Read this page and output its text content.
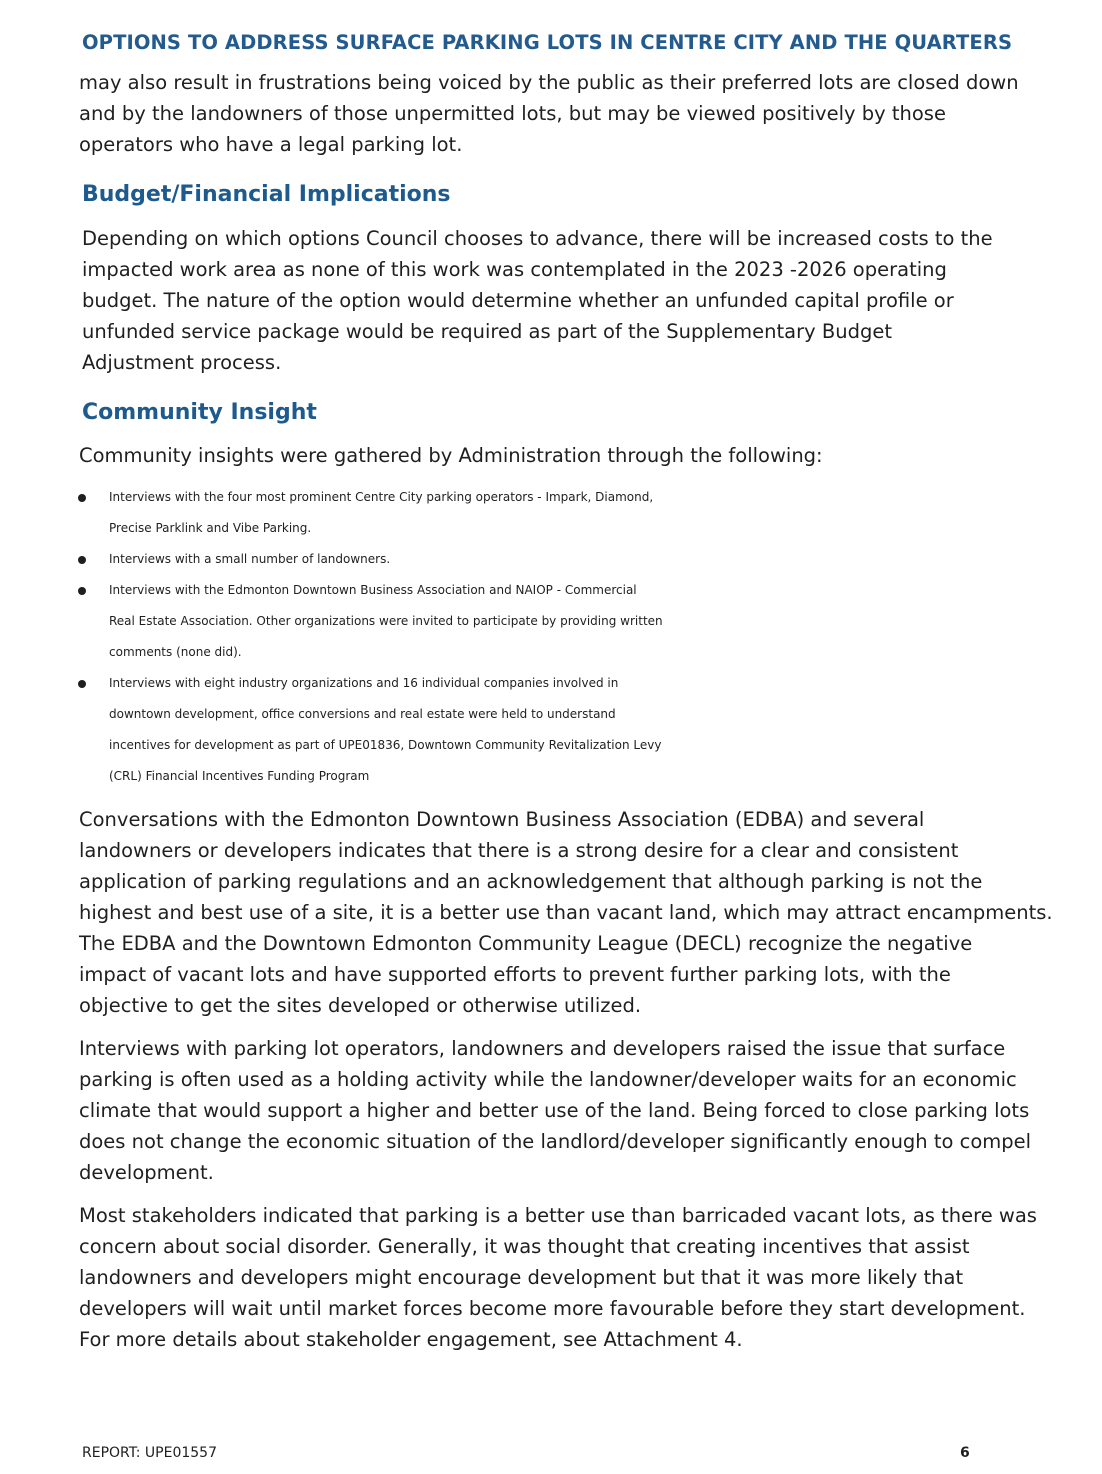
OPTIONS TO ADDRESS SURFACE PARKING LOTS IN CENTRE CITY AND THE QUARTERS

may also result in frustrations being voiced by the public as their preferred lots are closed down
and by the landowners of those unpermitted lots, but may be viewed positively by those
operators who have a legal parking lot.

Budget/Financial Implications

Depending on which options Council chooses to advance, there will be increased costs to the
impacted work area as none of this work was contemplated in the 2023 -2026 operating
budget. The nature of the option would determine whether an unfunded capital profile or
unfunded service package would be required as part of the Supplementary Budget
Adjustment process.

Community Insight

Community insights were gathered by Administration through the following:

Interviews with the four most prominent Centre City parking operators - Impark, Diamond,
Precise Parklink and Vibe Parking.
Interviews with a small number of landowners.
Interviews with the Edmonton Downtown Business Association and NAIOP - Commercial
Real Estate Association. Other organizations were invited to participate by providing written
comments (none did).
Interviews with eight industry organizations and 16 individual companies involved in
downtown development, office conversions and real estate were held to understand
incentives for development as part of UPE01836, Downtown Community Revitalization Levy
(CRL) Financial Incentives Funding Program

Conversations with the Edmonton Downtown Business Association (EDBA) and several
landowners or developers indicates that there is a strong desire for a clear and consistent
application of parking regulations and an acknowledgement that although parking is not the
highest and best use of a site, it is a better use than vacant land, which may attract encampments.
The EDBA and the Downtown Edmonton Community League (DECL) recognize the negative
impact of vacant lots and have supported efforts to prevent further parking lots, with the
objective to get the sites developed or otherwise utilized.

Interviews with parking lot operators, landowners and developers raised the issue that surface
parking is often used as a holding activity while the landowner/developer waits for an economic
climate that would support a higher and better use of the land. Being forced to close parking lots
does not change the economic situation of the landlord/developer significantly enough to compel
development.

Most stakeholders indicated that parking is a better use than barricaded vacant lots, as there was
concern about social disorder. Generally, it was thought that creating incentives that assist
landowners and developers might encourage development but that it was more likely that
developers will wait until market forces become more favourable before they start development.
For more details about stakeholder engagement, see Attachment 4.

REPORT: UPE01557	6
